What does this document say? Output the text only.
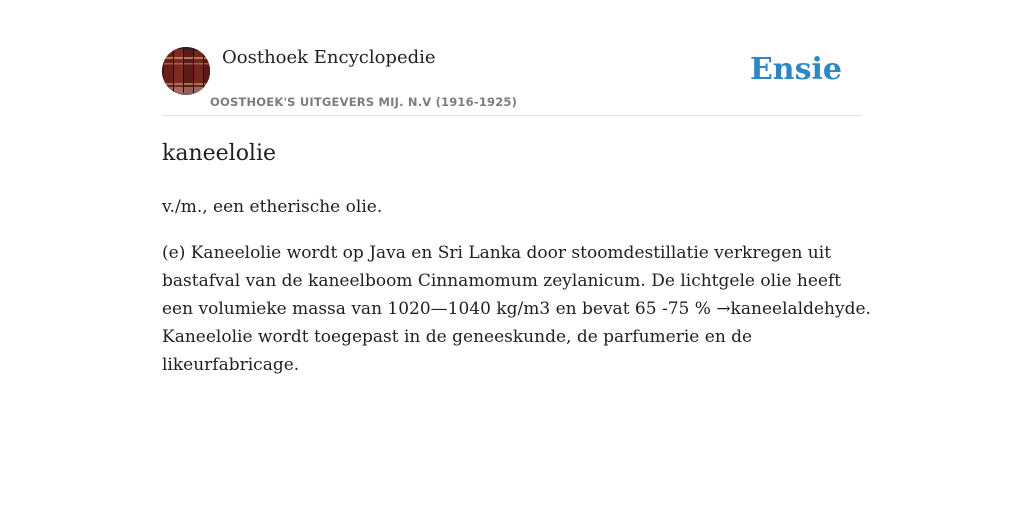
Oosthoek Encyclopedie
OOSTHOEK'S UITGEVERS MIJ. N.V (1916-1925)
Ensie
kaneelolie

v./m., een etherische olie.

(e) Kaneelolie wordt op Java en Sri Lanka door stoomdestillatie verkregen uit
bastafval van de kaneelboom Cinnamomum zeylanicum. De lichtgele olie heeft
een volumieke massa van 1020—1040 kg/m3 en bevat 65 -75 % →kaneelaldehyde.
Kaneelolie wordt toegepast in de geneeskunde, de parfumerie en de
likeurfabricage.
